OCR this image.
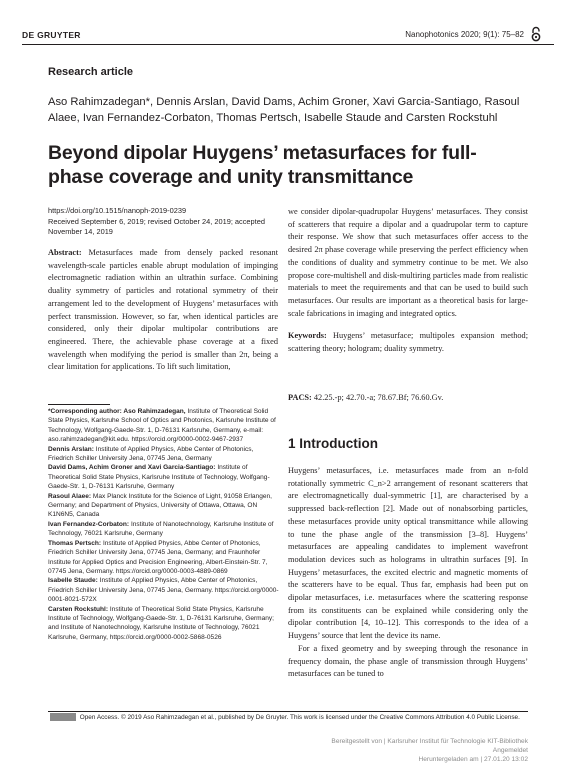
DE GRUYTER	Nanophotonics 2020; 9(1): 75–82
Research article
Aso Rahimzadegan*, Dennis Arslan, David Dams, Achim Groner, Xavi Garcia-Santiago, Rasoul Alaee, Ivan Fernandez-Corbaton, Thomas Pertsch, Isabelle Staude and Carsten Rockstuhl
Beyond dipolar Huygens’ metasurfaces for full-phase coverage and unity transmittance
https://doi.org/10.1515/nanoph-2019-0239
Received September 6, 2019; revised October 24, 2019; accepted November 14, 2019
Abstract: Metasurfaces made from densely packed resonant wavelength-scale particles enable abrupt modulation of impinging electromagnetic radiation within an ultrathin surface. Combining duality symmetry of particles and rotational symmetry of their arrangement led to the development of Huygens’ metasurfaces with perfect transmission. However, so far, when identical particles are considered, only their dipolar multipolar contributions are engineered. There, the achievable phase coverage at a fixed wavelength when modifying the period is smaller than 2π, being a clear limitation for applications. To lift such limitation,
we consider dipolar-quadrupolar Huygens’ metasurfaces. They consist of scatterers that require a dipolar and a quadrupolar term to capture their response. We show that such metasurfaces offer access to the desired 2π phase coverage while preserving the perfect efficiency when the conditions of duality and symmetry continue to be met. We also propose core-multishell and disk-multiring particles made from realistic materials to meet the requirements and that can be used to build such metasurfaces. Our results are important as a theoretical basis for large-scale fabrications in imaging and integrated optics.
Keywords: Huygens’ metasurface; multipoles expansion method; scattering theory; hologram; duality symmetry.
PACS: 42.25.-p; 42.70.-a; 78.67.Bf; 76.60.Gv.
*Corresponding author: Aso Rahimzadegan, Institute of Theoretical Solid State Physics, Karlsruhe School of Optics and Photonics, Karlsruhe Institute of Technology, Wolfgang-Gaede-Str. 1, D-76131 Karlsruhe, Germany, e-mail: aso.rahimzadegan@kit.edu. https://orcid.org/0000-0002-9467-2937
Dennis Arslan: Institute of Applied Physics, Abbe Center of Photonics, Friedrich Schiller University Jena, 07745 Jena, Germany
David Dams, Achim Groner and Xavi Garcia-Santiago: Institute of Theoretical Solid State Physics, Karlsruhe Institute of Technology, Wolfgang-Gaede-Str. 1, D-76131 Karlsruhe, Germany
Rasoul Alaee: Max Planck Institute for the Science of Light, 91058 Erlangen, Germany; and Department of Physics, University of Ottawa, Ottawa, ON K1N6N5, Canada
Ivan Fernandez-Corbaton: Institute of Nanotechnology, Karlsruhe Institute of Technology, 76021 Karlsruhe, Germany
Thomas Pertsch: Institute of Applied Physics, Abbe Center of Photonics, Friedrich Schiller University Jena, 07745 Jena, Germany; and Fraunhofer Institute for Applied Optics and Precision Engineering, Albert-Einstein-Str. 7, 07745 Jena, Germany. https://orcid.org/0000-0003-4889-0869
Isabelle Staude: Institute of Applied Physics, Abbe Center of Photonics, Friedrich Schiller University Jena, 07745 Jena, Germany. https://orcid.org/0000-0001-8021-572X
Carsten Rockstuhl: Institute of Theoretical Solid State Physics, Karlsruhe Institute of Technology, Wolfgang-Gaede-Str. 1, D-76131 Karlsruhe, Germany; and Institute of Nanotechnology, Karlsruhe Institute of Technology, 76021 Karlsruhe, Germany, https://orcid.org/0000-0002-5868-0526
1 Introduction

Huygens’ metasurfaces, i.e. metasurfaces made from an n-fold rotationally symmetric C_n>2 arrangement of resonant scatterers that are electromagnetically dual-symmetric [1], are characterised by a suppressed back-reflection [2]. Made out of nonabsorbing particles, these metasurfaces provide unity optical transmittance while allowing to tune the phase angle of the transmission [3–8]. Huygens’ metasurfaces are appealing candidates to implement wavefront modulation devices such as holograms in ultrathin surfaces [9]. In Huygens’ metasurfaces, the excited electric and magnetic moments of the scatterers have to be equal. Thus far, emphasis had been put on dipolar metasurfaces, i.e. metasurfaces where the scattering response from its constituents can be explained while considering only the dipolar contribution [4, 10–12]. This corresponds to the idea of a Huygens’ source that lent the device its name.

For a fixed geometry and by sweeping through the resonance in frequency domain, the phase angle of transmission through Huygens’ metasurfaces can be tuned to

Open Access. © 2019 Aso Rahimzadegan et al., published by De Gruyter. This work is licensed under the Creative Commons Attribution 4.0 Public License.
Bereitgestellt von | Karlsruher Institut für Technologie KIT-Bibliothek
Angemeldet
Heruntergeladen am | 27.01.20 13:02
